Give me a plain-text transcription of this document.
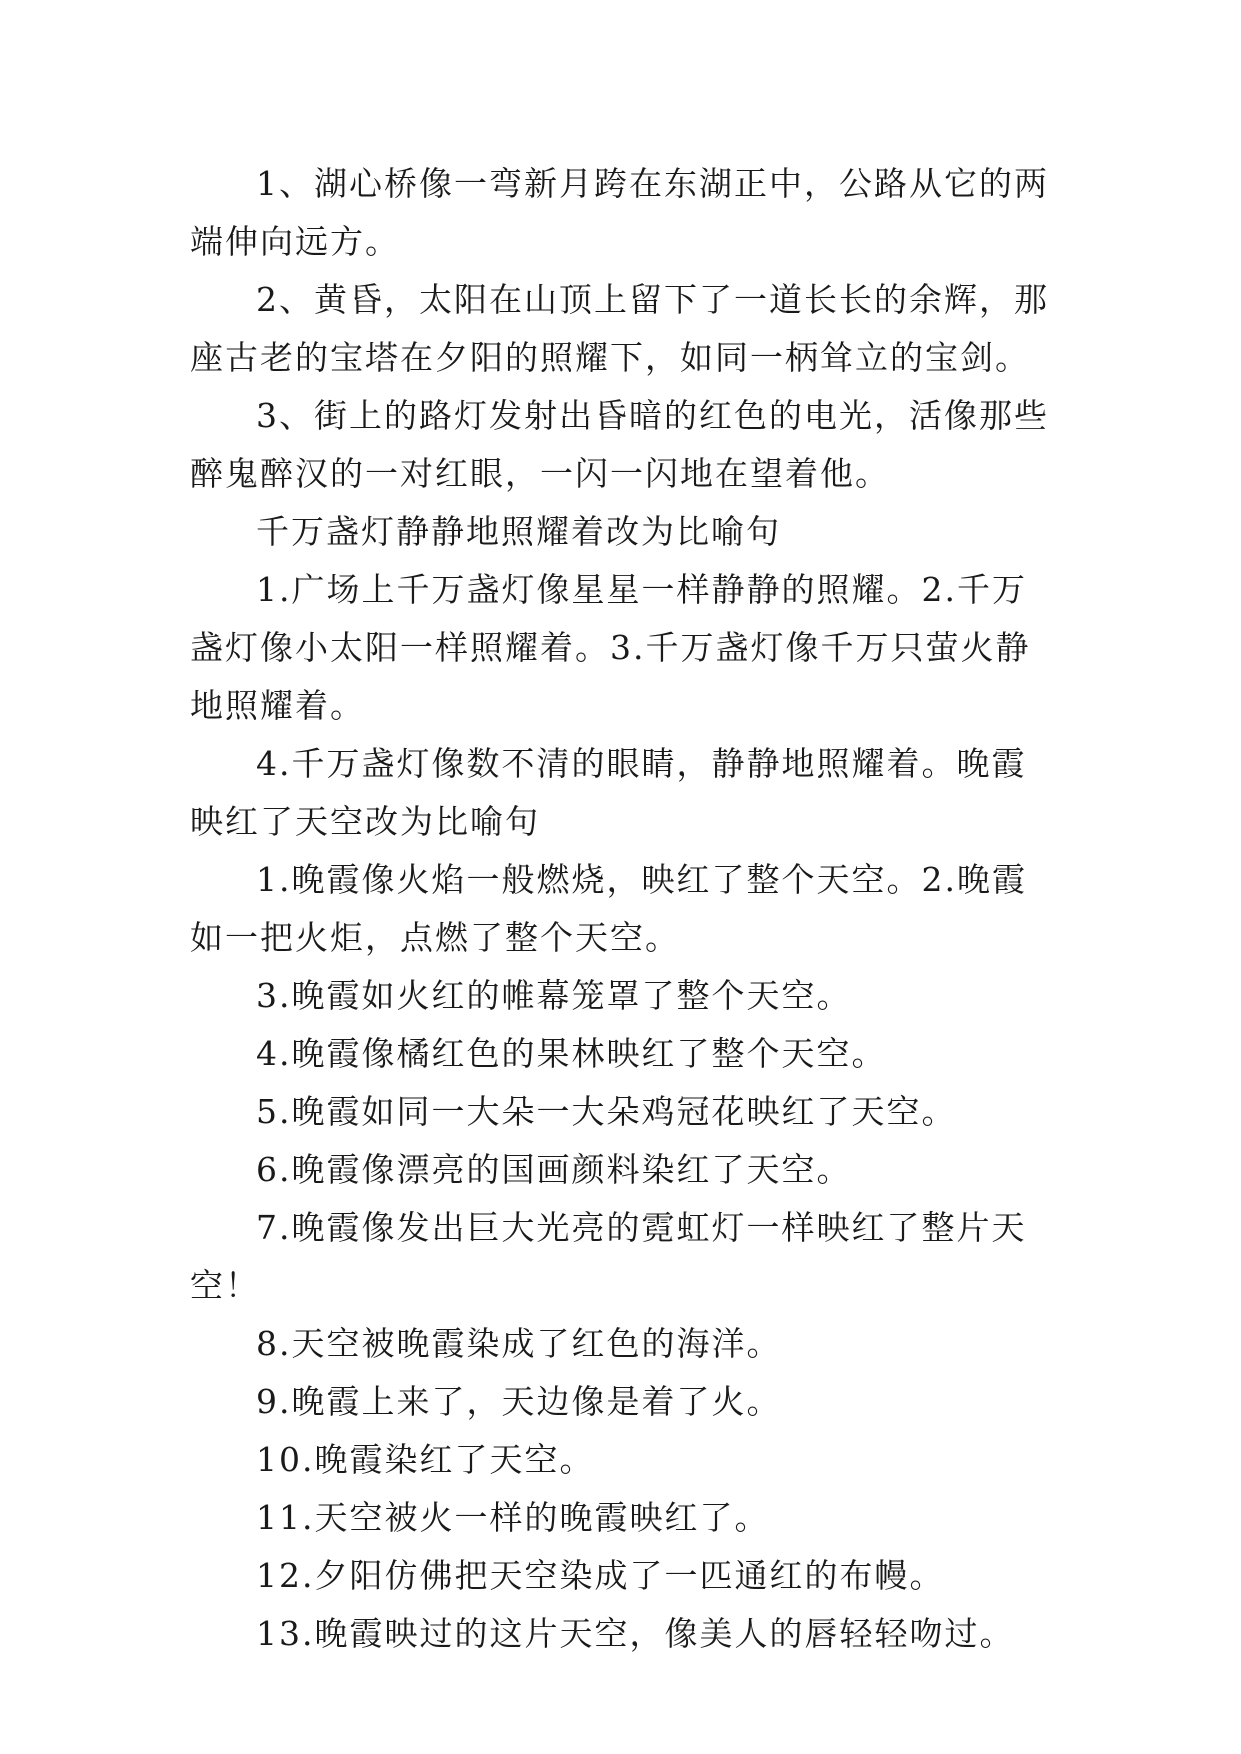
1、湖心桥像一弯新月跨在东湖正中，公路从它的两端伸向远方。

2、黄昏，太阳在山顶上留下了一道长长的余辉，那座古老的宝塔在夕阳的照耀下，如同一柄耸立的宝剑。

3、街上的路灯发射出昏暗的红色的电光，活像那些醉鬼醉汉的一对红眼，一闪一闪地在望着他。

千万盏灯静静地照耀着改为比喻句

1.广场上千万盏灯像星星一样静静的照耀。2.千万盏灯像小太阳一样照耀着。3.千万盏灯像千万只萤火静地照耀着。

4.千万盏灯像数不清的眼睛，静静地照耀着。晚霞映红了天空改为比喻句

1.晚霞像火焰一般燃烧，映红了整个天空。2.晚霞如一把火炬，点燃了整个天空。

3.晚霞如火红的帷幕笼罩了整个天空。

4.晚霞像橘红色的果林映红了整个天空。

5.晚霞如同一大朵一大朵鸡冠花映红了天空。

6.晚霞像漂亮的国画颜料染红了天空。

7.晚霞像发出巨大光亮的霓虹灯一样映红了整片天空！

8.天空被晚霞染成了红色的海洋。

9.晚霞上来了，天边像是着了火。

10.晚霞染红了天空。

11.天空被火一样的晚霞映红了。

12.夕阳仿佛把天空染成了一匹通红的布幔。

13.晚霞映过的这片天空，像美人的唇轻轻吻过。
